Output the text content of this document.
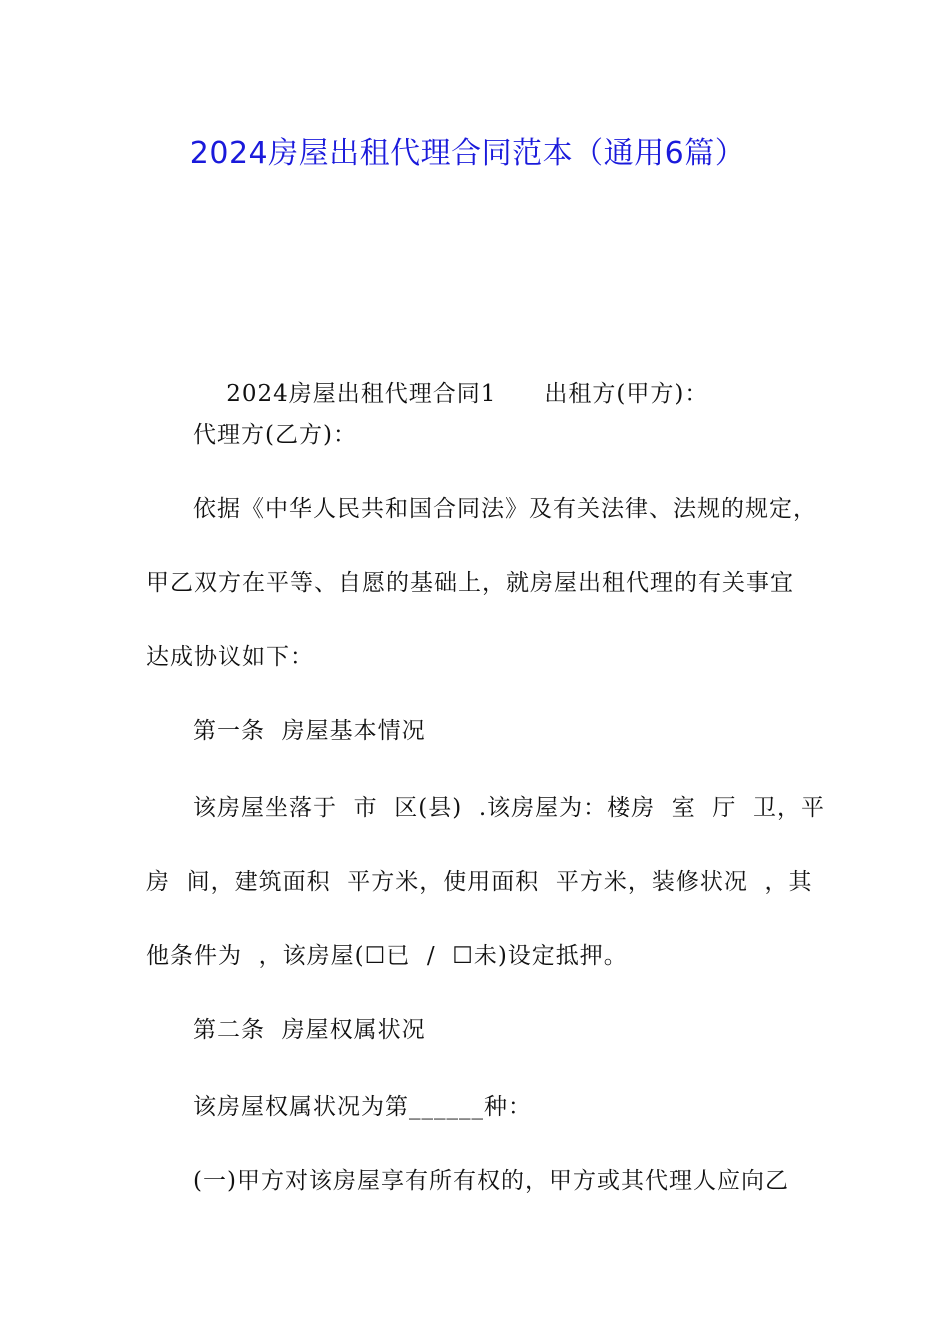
2024房屋出租代理合同范本（通用6篇）

2024房屋出租代理合同1 出租方(甲方)：

代理方(乙方)：
依据《中华人民共和国合同法》及有关法律、法规的规定，
甲乙双方在平等、自愿的基础上，就房屋出租代理的有关事宜
达成协议如下：
第一条  房屋基本情况
该房屋坐落于  市  区(县)  .该房屋为：楼房  室  厅  卫，平
房  间，建筑面积  平方米，使用面积  平方米，装修状况  ，其
他条件为  ，该房屋(☐已  /  ☐未)设定抵押。
第二条  房屋权属状况
该房屋权属状况为第______种：
(一)甲方对该房屋享有所有权的，甲方或其代理人应向乙
